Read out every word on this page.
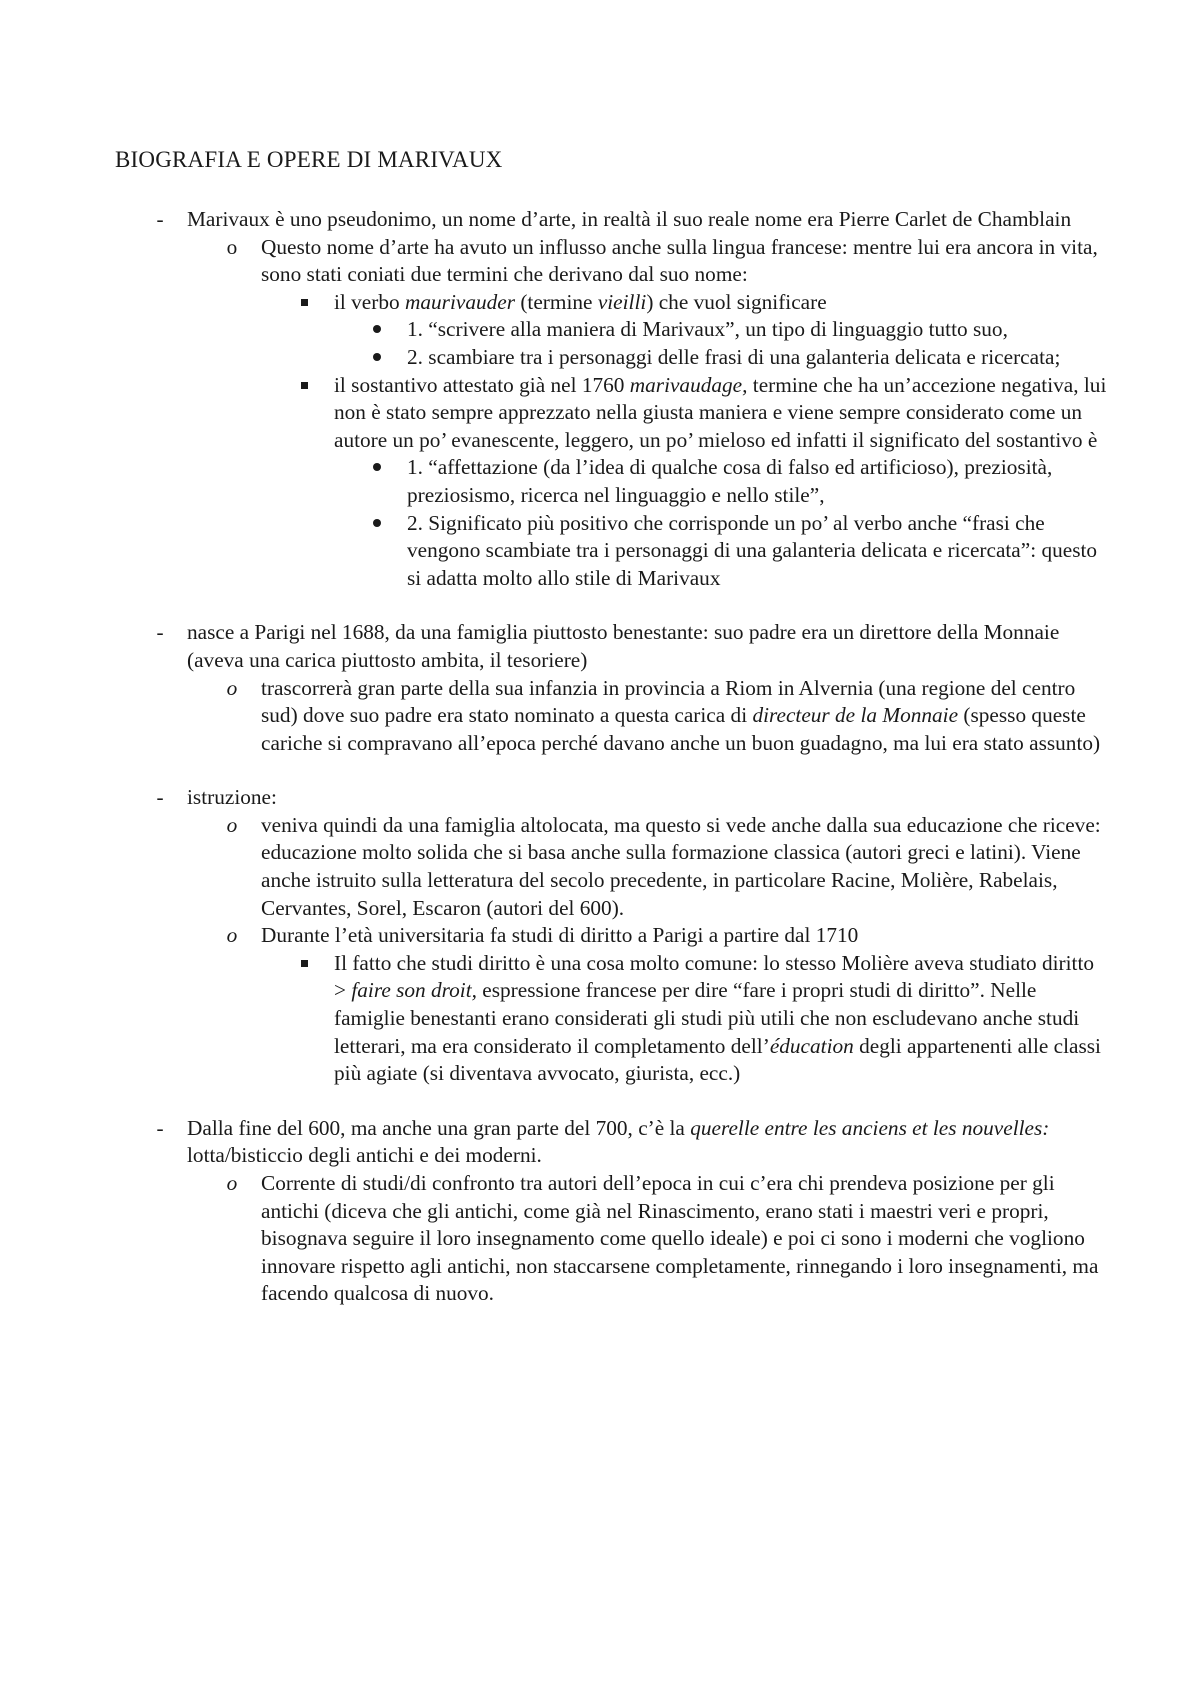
BIOGRAFIA E OPERE DI MARIVAUX
-	Marivaux è uno pseudonimo, un nome d’arte, in realtà il suo reale nome era Pierre Carlet de Chamblain
o Questo nome d’arte ha avuto un influsso anche sulla lingua francese: mentre lui era ancora in vita, sono stati coniati due termini che derivano dal suo nome:
il verbo maurivauder (termine vieilli) che vuol significare
1. “scrivere alla maniera di Marivaux”, un tipo di linguaggio tutto suo,
2. scambiare tra i personaggi delle frasi di una galanteria delicata e ricercata;
il sostantivo attestato già nel 1760 marivaudage, termine che ha un’accezione negativa, lui non è stato sempre apprezzato nella giusta maniera e viene sempre considerato come un autore un po’ evanescente, leggero, un po’ mieloso ed infatti il significato del sostantivo è
1. “affettazione (da l’idea di qualche cosa di falso ed artificioso), preziosità, preziosismo, ricerca nel linguaggio e nello stile”,
2. Significato più positivo che corrisponde un po’ al verbo anche “frasi che vengono scambiate tra i personaggi di una galanteria delicata e ricercata”: questo si adatta molto allo stile di Marivaux
-	nasce a Parigi nel 1688, da una famiglia piuttosto benestante: suo padre era un direttore della Monnaie (aveva una carica piuttosto ambita, il tesoriere)
o trascorrerà gran parte della sua infanzia in provincia a Riom in Alvernia (una regione del centro sud) dove suo padre era stato nominato a questa carica di directeur de la Monnaie (spesso queste cariche si compravano all’epoca perché davano anche un buon guadagno, ma lui era stato assunto)
-	istruzione:
o veniva quindi da una famiglia altolocata, ma questo si vede anche dalla sua educazione che riceve: educazione molto solida che si basa anche sulla formazione classica (autori greci e latini). Viene anche istruito sulla letteratura del secolo precedente, in particolare Racine, Molière, Rabelais, Cervantes, Sorel, Escaron (autori del 600).
o Durante l’età universitaria fa studi di diritto a Parigi a partire dal 1710
Il fatto che studi diritto è una cosa molto comune: lo stesso Molière aveva studiato diritto > faire son droit, espressione francese per dire “fare i propri studi di diritto”. Nelle famiglie benestanti erano considerati gli studi più utili che non escludevano anche studi letterari, ma era considerato il completamento dell’éducation degli appartenenti alle classi più agiate (si diventava avvocato, giurista, ecc.)
-	Dalla fine del 600, ma anche una gran parte del 700, c’è la querelle entre les anciens et les nouvelles: lotta/bisticcio degli antichi e dei moderni.
o Corrente di studi/di confronto tra autori dell’epoca in cui c’era chi prendeva posizione per gli antichi (diceva che gli antichi, come già nel Rinascimento, erano stati i maestri veri e propri, bisognava seguire il loro insegnamento come quello ideale) e poi ci sono i moderni che vogliono innovare rispetto agli antichi, non staccarsene completamente, rinnegando i loro insegnamenti, ma facendo qualcosa di nuovo.
